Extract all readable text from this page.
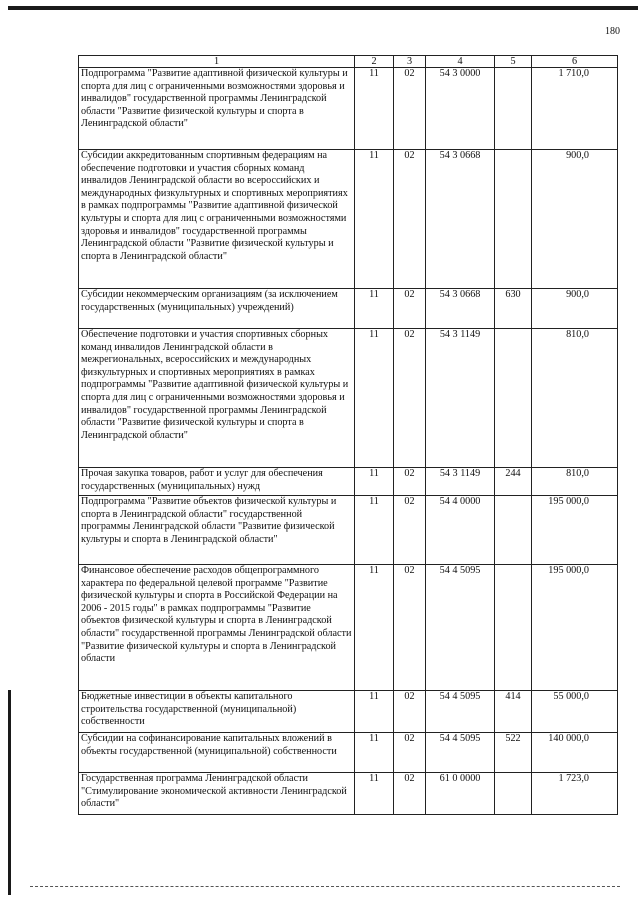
180
1	2	3	4	5	6
Подпрограмма "Развитие адаптивной физической культуры и спорта для лиц с ограниченными возможностями здоровья и инвалидов" государственной программы Ленинградской области "Развитие физической культуры и спорта в Ленинградской области"	11	02	54 3 0000		1 710,0
Субсидии аккредитованным спортивным федерациям на обеспечение подготовки и участия сборных команд инвалидов Ленинградской области во всероссийских и международных физкультурных и спортивных мероприятиях в рамках подпрограммы "Развитие адаптивной физической культуры и спорта для лиц с ограниченными возможностями здоровья и инвалидов" государственной программы Ленинградской области "Развитие физической культуры и спорта в Ленинградской области"	11	02	54 3 0668		900,0
Субсидии некоммерческим организациям (за исключением государственных (муниципальных) учреждений)	11	02	54 3 0668	630	900,0
Обеспечение подготовки и участия спортивных сборных команд инвалидов Ленинградской области в межрегиональных, всероссийских и международных физкультурных и спортивных мероприятиях в рамках подпрограммы "Развитие адаптивной физической культуры и спорта для лиц с ограниченными возможностями здоровья и инвалидов" государственной программы Ленинградской области "Развитие физической культуры и спорта в Ленинградской области"	11	02	54 3 1149		810,0
Прочая закупка товаров, работ и услуг для обеспечения государственных (муниципальных) нужд	11	02	54 3 1149	244	810,0
Подпрограмма "Развитие объектов физической культуры и спорта в Ленинградской области" государственной программы Ленинградской области "Развитие физической культуры и спорта в Ленинградской области"	11	02	54 4 0000		195 000,0
Финансовое обеспечение расходов общепрограммного характера по федеральной целевой программе "Развитие физической культуры и спорта в Российской Федерации на 2006 - 2015 годы" в рамках подпрограммы "Развитие объектов физической культуры и спорта в Ленинградской области" государственной программы Ленинградской области "Развитие физической культуры и спорта в Ленинградской области	11	02	54 4 5095		195 000,0
Бюджетные инвестиции в объекты капитального строительства государственной (муниципальной) собственности	11	02	54 4 5095	414	55 000,0
Субсидии на софинансирование капитальных вложений в объекты государственной (муниципальной) собственности	11	02	54 4 5095	522	140 000,0
Государственная программа Ленинградской области "Стимулирование экономической активности Ленинградской области"	11	02	61 0 0000		1 723,0
